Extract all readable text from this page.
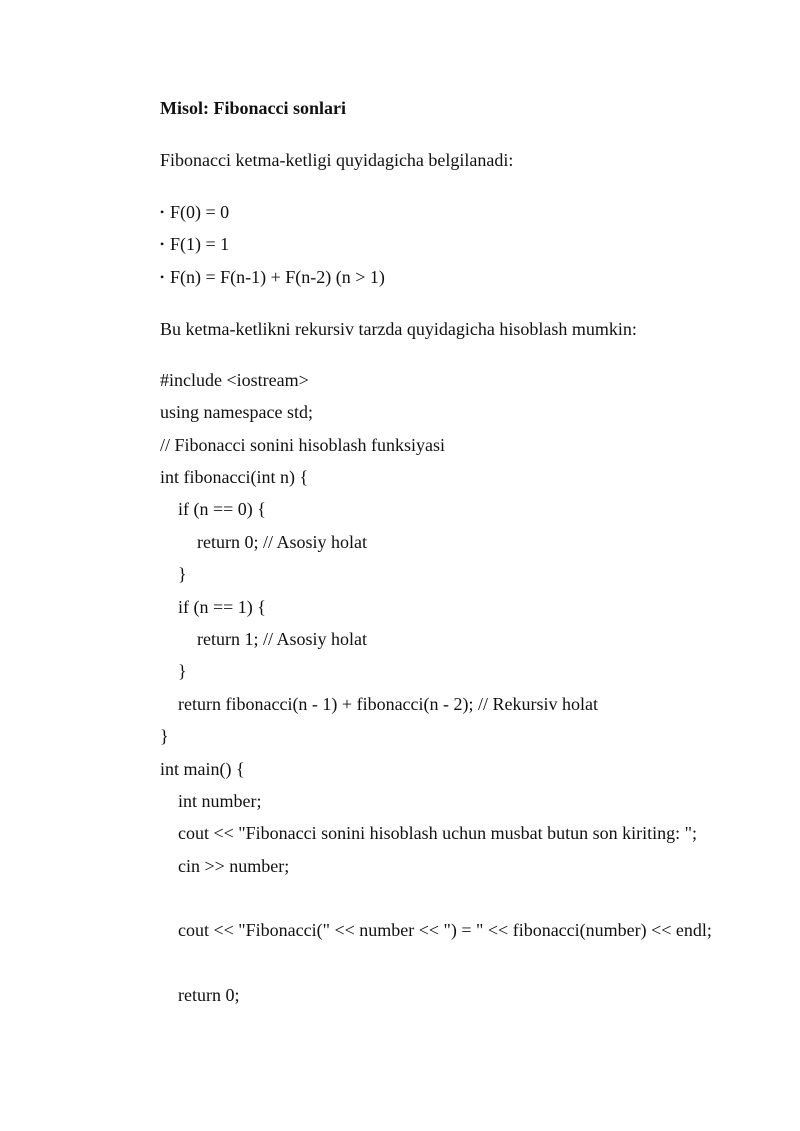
Misol: Fibonacci sonlari
Fibonacci ketma-ketligi quyidagicha belgilanadi:
• F(0) = 0
• F(1) = 1
• F(n) = F(n-1) + F(n-2) (n > 1)
Bu ketma-ketlikni rekursiv tarzda quyidagicha hisoblash mumkin:
#include <iostream>
using namespace std;
// Fibonacci sonini hisoblash funksiyasi
int fibonacci(int n) {
if (n == 0) {
return 0; // Asosiy holat
}
if (n == 1) {
return 1; // Asosiy holat
}
return fibonacci(n - 1) + fibonacci(n - 2); // Rekursiv holat
}
int main() {
int number;
cout << "Fibonacci sonini hisoblash uchun musbat butun son kiriting: ";
cin >> number;
cout << "Fibonacci(" << number << ") = " << fibonacci(number) << endl;
return 0;
